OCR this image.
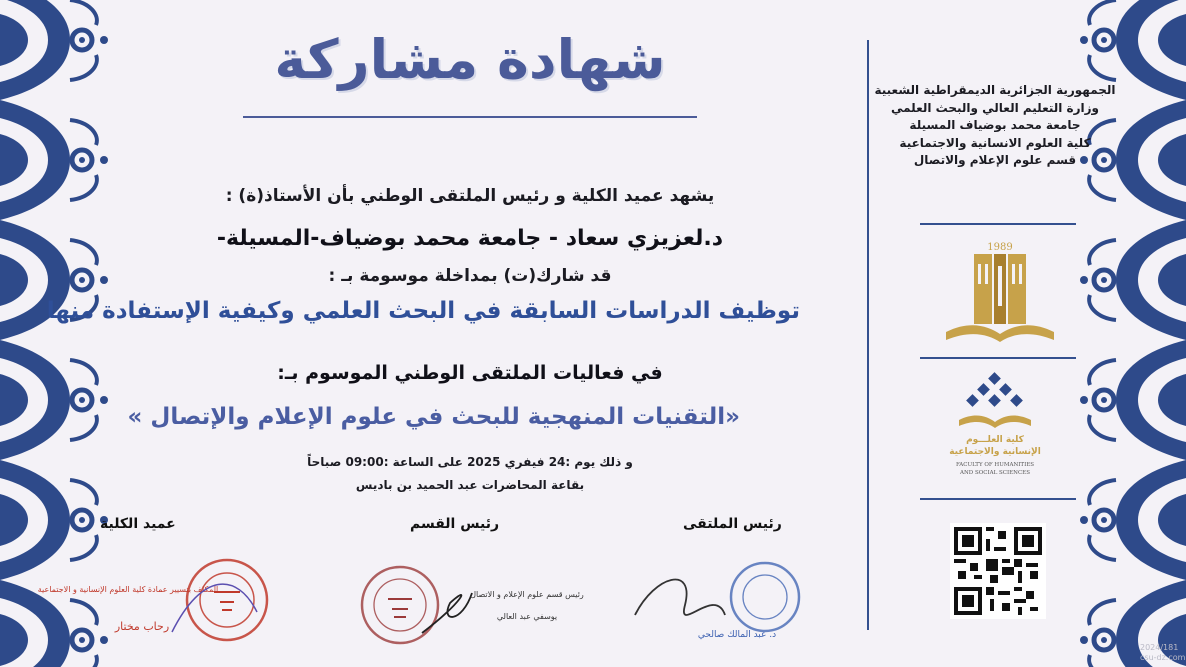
شهادة مشاركة
يشهد عميد الكلية و رئيس الملتقى الوطني بأن الأستاذ(ة) :
د.لعزيزي سعاد - جامعة محمد بوضياف-المسيلة-
قد شارك(ت) بمداخلة موسومة بـ :
توظيف الدراسات السابقة في البحث العلمي وكيفية الإستفادة منها
في فعاليات الملتقى الوطني الموسوم بـ:
«التقنيات المنهجية للبحث في علوم الإعلام والإتصال »
و ذلك يوم :24 فيفري 2025 على الساعة :09:00 صباحاً
بقاعة المحاضرات عبد الحميد بن باديس
الجمهورية الجزائرية الديمقراطية الشعبية
وزارة التعليم العالي والبحث العلمي
جامعة محمد بوضياف المسيلة
كلية العلوم الانسانية والاجتماعية
قسم علوم الإعلام والاتصال
1989
كلية العلـــوم
الإنسانية والاجتماعية
FACULTY OF HUMANITIES
AND SOCIAL SCIENCES
عميد الكلية	رئيس القسم	رئيس الملتقى
المكلف بتسيير عمادة كلية العلوم الإنسانية و الاجتماعية
رحاب مختار
رئيس قسم علوم الإعلام و الاتصال
يوسفي عبد العالي
د. عبد المالك صالحي
2024/181
csu-dz.com
